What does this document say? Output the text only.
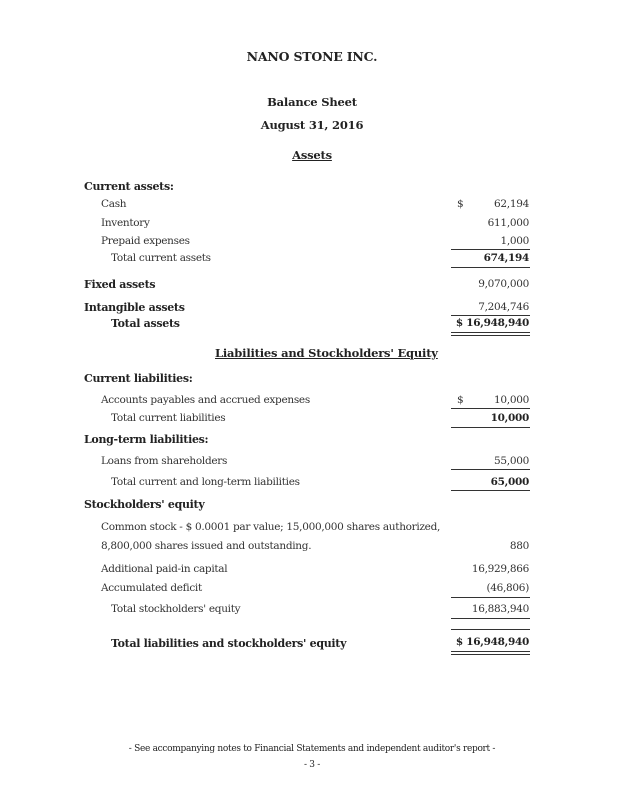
NANO STONE INC.
Balance Sheet
August 31, 2016
Assets
Current assets:
Cash	$	62,194
Inventory	611,000
Prepaid expenses	1,000
Total current assets	674,194
Fixed assets	9,070,000
Intangible assets	7,204,746
Total assets	$ 16,948,940
Liabilities and Stockholders' Equity
Current liabilities:
Accounts payables and accrued expenses	$	10,000
Total current liabilities	10,000
Long-term liabilities:
Loans from shareholders	55,000
Total current and long-term liabilities	65,000
Stockholders' equity
Common stock - $ 0.0001 par value; 15,000,000 shares authorized,
8,800,000 shares issued and outstanding.	880
Additional paid-in capital	16,929,866
Accumulated deficit	(46,806)
Total stockholders' equity	16,883,940
Total liabilities and stockholders' equity	$ 16,948,940
- See accompanying notes to Financial Statements and independent auditor's report -
- 3 -
